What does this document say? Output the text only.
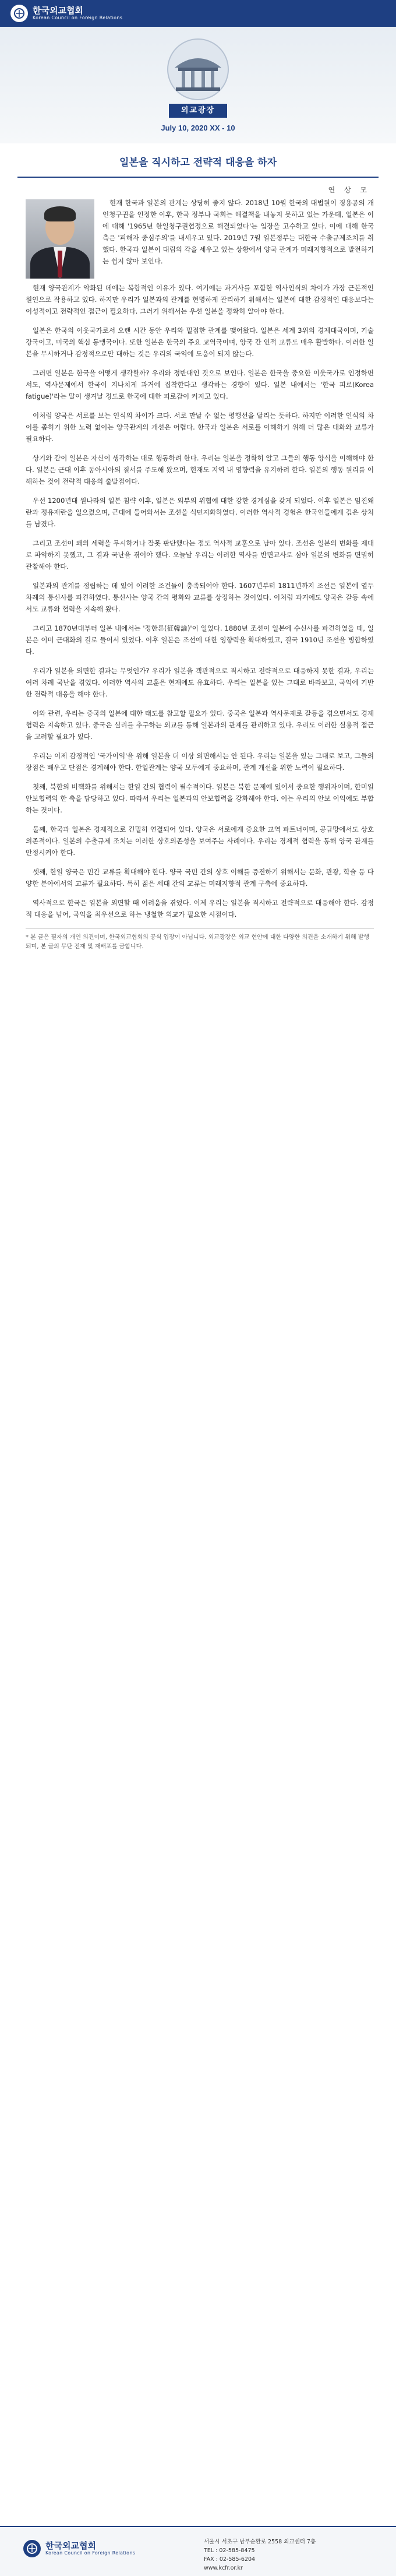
한국외교협회
Korean Council on Foreign Relations
외교광장
July 10, 2020 XX - 10
일본을 직시하고 전략적 대응을 하자
연 상 모

현재 한국과 일본의 관계는 상당히 좋지 않다. 2018년 10월 한국의 대법원이 징용공의 개인청구권을 인정한 이후, 한국 정부나 국회는 해결책을 내놓지 못하고 있는 가운데, 일본은 이에 대해 '1965년 한일청구권협정으로 해결되었다'는 입장을 고수하고 있다. 이에 대해 한국 측은 '피해자 중심주의'를 내세우고 있다. 2019년 7월 일본정부는 대한국 수출규제조치를 취했다. 한국과 일본이 대립의 각을 세우고 있는 상황에서 양국 관계가 미래지향적으로 발전하기는 쉽지 않아 보인다.

현재 양국관계가 악화된 데에는 복합적인 이유가 있다. 여기에는 과거사를 포함한 역사인식의 차이가 가장 근본적인 원인으로 작용하고 있다. 하지만 우리가 일본과의 관계를 현명하게 관리하기 위해서는 일본에 대한 감정적인 대응보다는 이성적이고 전략적인 접근이 필요하다. 그러기 위해서는 우선 일본을 정확히 알아야 한다.

일본은 한국의 이웃국가로서 오랜 시간 동안 우리와 밀접한 관계를 맺어왔다. 일본은 세계 3위의 경제대국이며, 기술강국이고, 미국의 핵심 동맹국이다. 또한 일본은 한국의 주요 교역국이며, 양국 간 인적 교류도 매우 활발하다. 이러한 일본을 무시하거나 감정적으로만 대하는 것은 우리의 국익에 도움이 되지 않는다.

그러면 일본은 한국을 어떻게 생각할까? 우리와 정반대인 것으로 보인다. 일본은 한국을 중요한 이웃국가로 인정하면서도, 역사문제에서 한국이 지나치게 과거에 집착한다고 생각하는 경향이 있다. 일본 내에서는 '한국 피로(Korea fatigue)'라는 말이 생겨날 정도로 한국에 대한 피로감이 커지고 있다.

이처럼 양국은 서로를 보는 인식의 차이가 크다. 서로 만날 수 없는 평행선을 달리는 듯하다. 하지만 이러한 인식의 차이를 좁히기 위한 노력 없이는 양국관계의 개선은 어렵다. 한국과 일본은 서로를 이해하기 위해 더 많은 대화와 교류가 필요하다.

상기와 같이 일본은 자신이 생각하는 대로 행동하려 한다. 우리는 일본을 정확히 알고 그들의 행동 양식을 이해해야 한다. 일본은 근대 이후 동아시아의 질서를 주도해 왔으며, 현재도 지역 내 영향력을 유지하려 한다. 일본의 행동 원리를 이해하는 것이 전략적 대응의 출발점이다.

우선 1200년대 원나라의 일본 침략 이후, 일본은 외부의 위협에 대한 강한 경계심을 갖게 되었다. 이후 일본은 임진왜란과 정유재란을 일으켰으며, 근대에 들어와서는 조선을 식민지화하였다. 이러한 역사적 경험은 한국인들에게 깊은 상처를 남겼다.

그리고 조선이 왜의 세력을 무시하거나 잘못 판단했다는 점도 역사적 교훈으로 남아 있다. 조선은 일본의 변화를 제대로 파악하지 못했고, 그 결과 국난을 겪어야 했다. 오늘날 우리는 이러한 역사를 반면교사로 삼아 일본의 변화를 면밀히 관찰해야 한다.

일본과의 관계를 정립하는 데 있어 이러한 조건들이 충족되어야 한다. 1607년부터 1811년까지 조선은 일본에 열두 차례의 통신사를 파견하였다. 통신사는 양국 간의 평화와 교류를 상징하는 것이었다. 이처럼 과거에도 양국은 갈등 속에서도 교류와 협력을 지속해 왔다.

그리고 1870년대부터 일본 내에서는 '정한론(征韓論)'이 일었다. 1880년 조선이 일본에 수신사를 파견하였을 때, 일본은 이미 근대화의 길로 들어서 있었다. 이후 일본은 조선에 대한 영향력을 확대하였고, 결국 1910년 조선을 병합하였다.

우리가 일본을 외면한 결과는 무엇인가? 우리가 일본을 객관적으로 직시하고 전략적으로 대응하지 못한 결과, 우리는 여러 차례 국난을 겪었다. 이러한 역사의 교훈은 현재에도 유효하다. 우리는 일본을 있는 그대로 바라보고, 국익에 기반한 전략적 대응을 해야 한다.

이와 관련, 우리는 중국의 일본에 대한 태도를 참고할 필요가 있다. 중국은 일본과 역사문제로 갈등을 겪으면서도 경제협력은 지속하고 있다. 중국은 실리를 추구하는 외교를 통해 일본과의 관계를 관리하고 있다. 우리도 이러한 실용적 접근을 고려할 필요가 있다.

우리는 이제 감정적인 '국가이익'을 위해 일본을 더 이상 외면해서는 안 된다. 우리는 일본을 있는 그대로 보고, 그들의 장점은 배우고 단점은 경계해야 한다. 한일관계는 양국 모두에게 중요하며, 관계 개선을 위한 노력이 필요하다.

첫째, 북한의 비핵화를 위해서는 한일 간의 협력이 필수적이다. 일본은 북한 문제에 있어서 중요한 행위자이며, 한미일 안보협력의 한 축을 담당하고 있다. 따라서 우리는 일본과의 안보협력을 강화해야 한다. 이는 우리의 안보 이익에도 부합하는 것이다.

둘째, 한국과 일본은 경제적으로 긴밀히 연결되어 있다. 양국은 서로에게 중요한 교역 파트너이며, 공급망에서도 상호 의존적이다. 일본의 수출규제 조치는 이러한 상호의존성을 보여주는 사례이다. 우리는 경제적 협력을 통해 양국 관계를 안정시켜야 한다.

셋째, 한일 양국은 민간 교류를 확대해야 한다. 양국 국민 간의 상호 이해를 증진하기 위해서는 문화, 관광, 학술 등 다양한 분야에서의 교류가 필요하다. 특히 젊은 세대 간의 교류는 미래지향적 관계 구축에 중요하다.

역사적으로 한국은 일본을 외면할 때 어려움을 겪었다. 이제 우리는 일본을 직시하고 전략적으로 대응해야 한다. 감정적 대응을 넘어, 국익을 최우선으로 하는 냉철한 외교가 필요한 시점이다.

* 본 글은 필자의 개인 의견이며, 한국외교협회의 공식 입장이 아닙니다. 외교광장은 외교 현안에 대한 다양한 의견을 소개하기 위해 발행되며, 본 글의 무단 전재 및 재배포를 금합니다.
한국외교협회
Korean Council on Foreign Relations
서울시 서초구 남부순환로 2558 외교센터 7층
TEL : 02-585-8475
FAX : 02-585-6204
www.kcfr.or.kr
